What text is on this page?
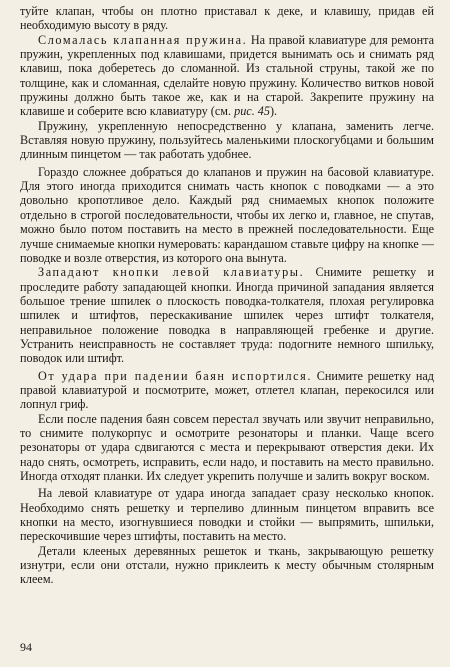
туйте клапан, чтобы он плотно приставал к деке, и клавишу, придав ей необходимую высоту в ряду.

Сломалась клапанная пружина. На правой клавиатуре для ремонта пружин, укрепленных под клавишами, придется вынимать ось и снимать ряд клавиш, пока доберетесь до сломанной. Из стальной струны, такой же по толщине, как и сломанная, сделайте новую пружину. Количество витков новой пружины должно быть такое же, как и на старой. Закрепите пружину на клавише и соберите всю клавиатуру (см. рис. 45).

Пружину, укрепленную непосредственно у клапана, заменить легче. Вставляя новую пружину, пользуйтесь маленькими плоскогубцами и большим длинным пинцетом — так работать удобнее.

Гораздо сложнее добраться до клапанов и пружин на басовой клавиатуре. Для этого иногда приходится снимать часть кнопок с поводками — а это довольно кропотливое дело. Каждый ряд снимаемых кнопок положите отдельно в строгой последовательности, чтобы их легко и, главное, не спутав, можно было потом поставить на место в прежней последовательности. Еще лучше снимаемые кнопки нумеровать: карандашом ставьте цифру на кнопке — поводке и возле отверстия, из которого она вынута.

Западают кнопки левой клавиатуры. Снимите решетку и проследите работу западающей кнопки. Иногда причиной западания является большое трение шпилек о плоскость поводка-толкателя, плохая регулировка шпилек и штифтов, перескакивание шпилек через штифт толкателя, неправильное положение поводка в направляющей гребенке и другие. Устранить неисправность не составляет труда: подогните немного шпильку, поводок или штифт.

От удара при падении баян испортился. Снимите решетку над правой клавиатурой и посмотрите, может, отлетел клапан, перекосился или лопнул гриф.

Если после падения баян совсем перестал звучать или звучит неправильно, то снимите полукорпус и осмотрите резонаторы и планки. Чаще всего резонаторы от удара сдвигаются с места и перекрывают отверстия деки. Их надо снять, осмотреть, исправить, если надо, и поставить на место правильно. Иногда отходят планки. Их следует укрепить получше и залить вокруг воском.

На левой клавиатуре от удара иногда западает сразу несколько кнопок. Необходимо снять решетку и терпеливо длинным пинцетом вправить все кнопки на место, изогнувшиеся поводки и стойки — выпрямить, шпильки, перескочившие через штифты, поставить на место.

Детали клееных деревянных решеток и ткань, закрывающую решетку изнутри, если они отстали, нужно приклеить к месту обычным столярным клеем.

94
